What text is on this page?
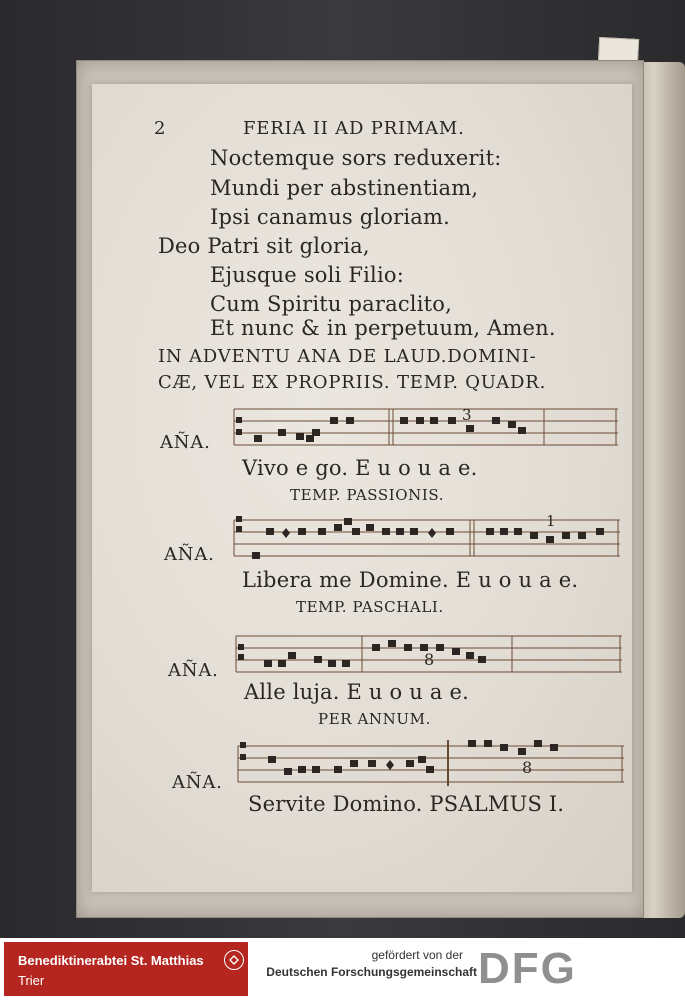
2	FERIA II AD PRIMAM.
Noctemque sors reduxerit:
Mundi per abstinentiam,
Ipsi canamus gloriam.
Deo Patri sit gloria,
Ejusque soli Filio:
Cum Spiritu paraclito,
Et nunc & in perpetuum, Amen.
IN ADVENTU ANA DE LAUD.DOMINI-
CÆ, VEL EX PROPRIIS. TEMP. QUADR.
AÑA.
3
Vivo e go. E u o u a e.
TEMP. PASSIONIS.
AÑA.
1
Libera me Domine. E u o u a e.
TEMP. PASCHALI.
AÑA.
8
Alle luja. E u o u a e.
PER ANNUM.
AÑA.
8
Servite Domino. PSALMUS I.
Benediktinerabtei St. Matthias
Trier
gefördert von der
Deutschen Forschungsgemeinschaft DFG
